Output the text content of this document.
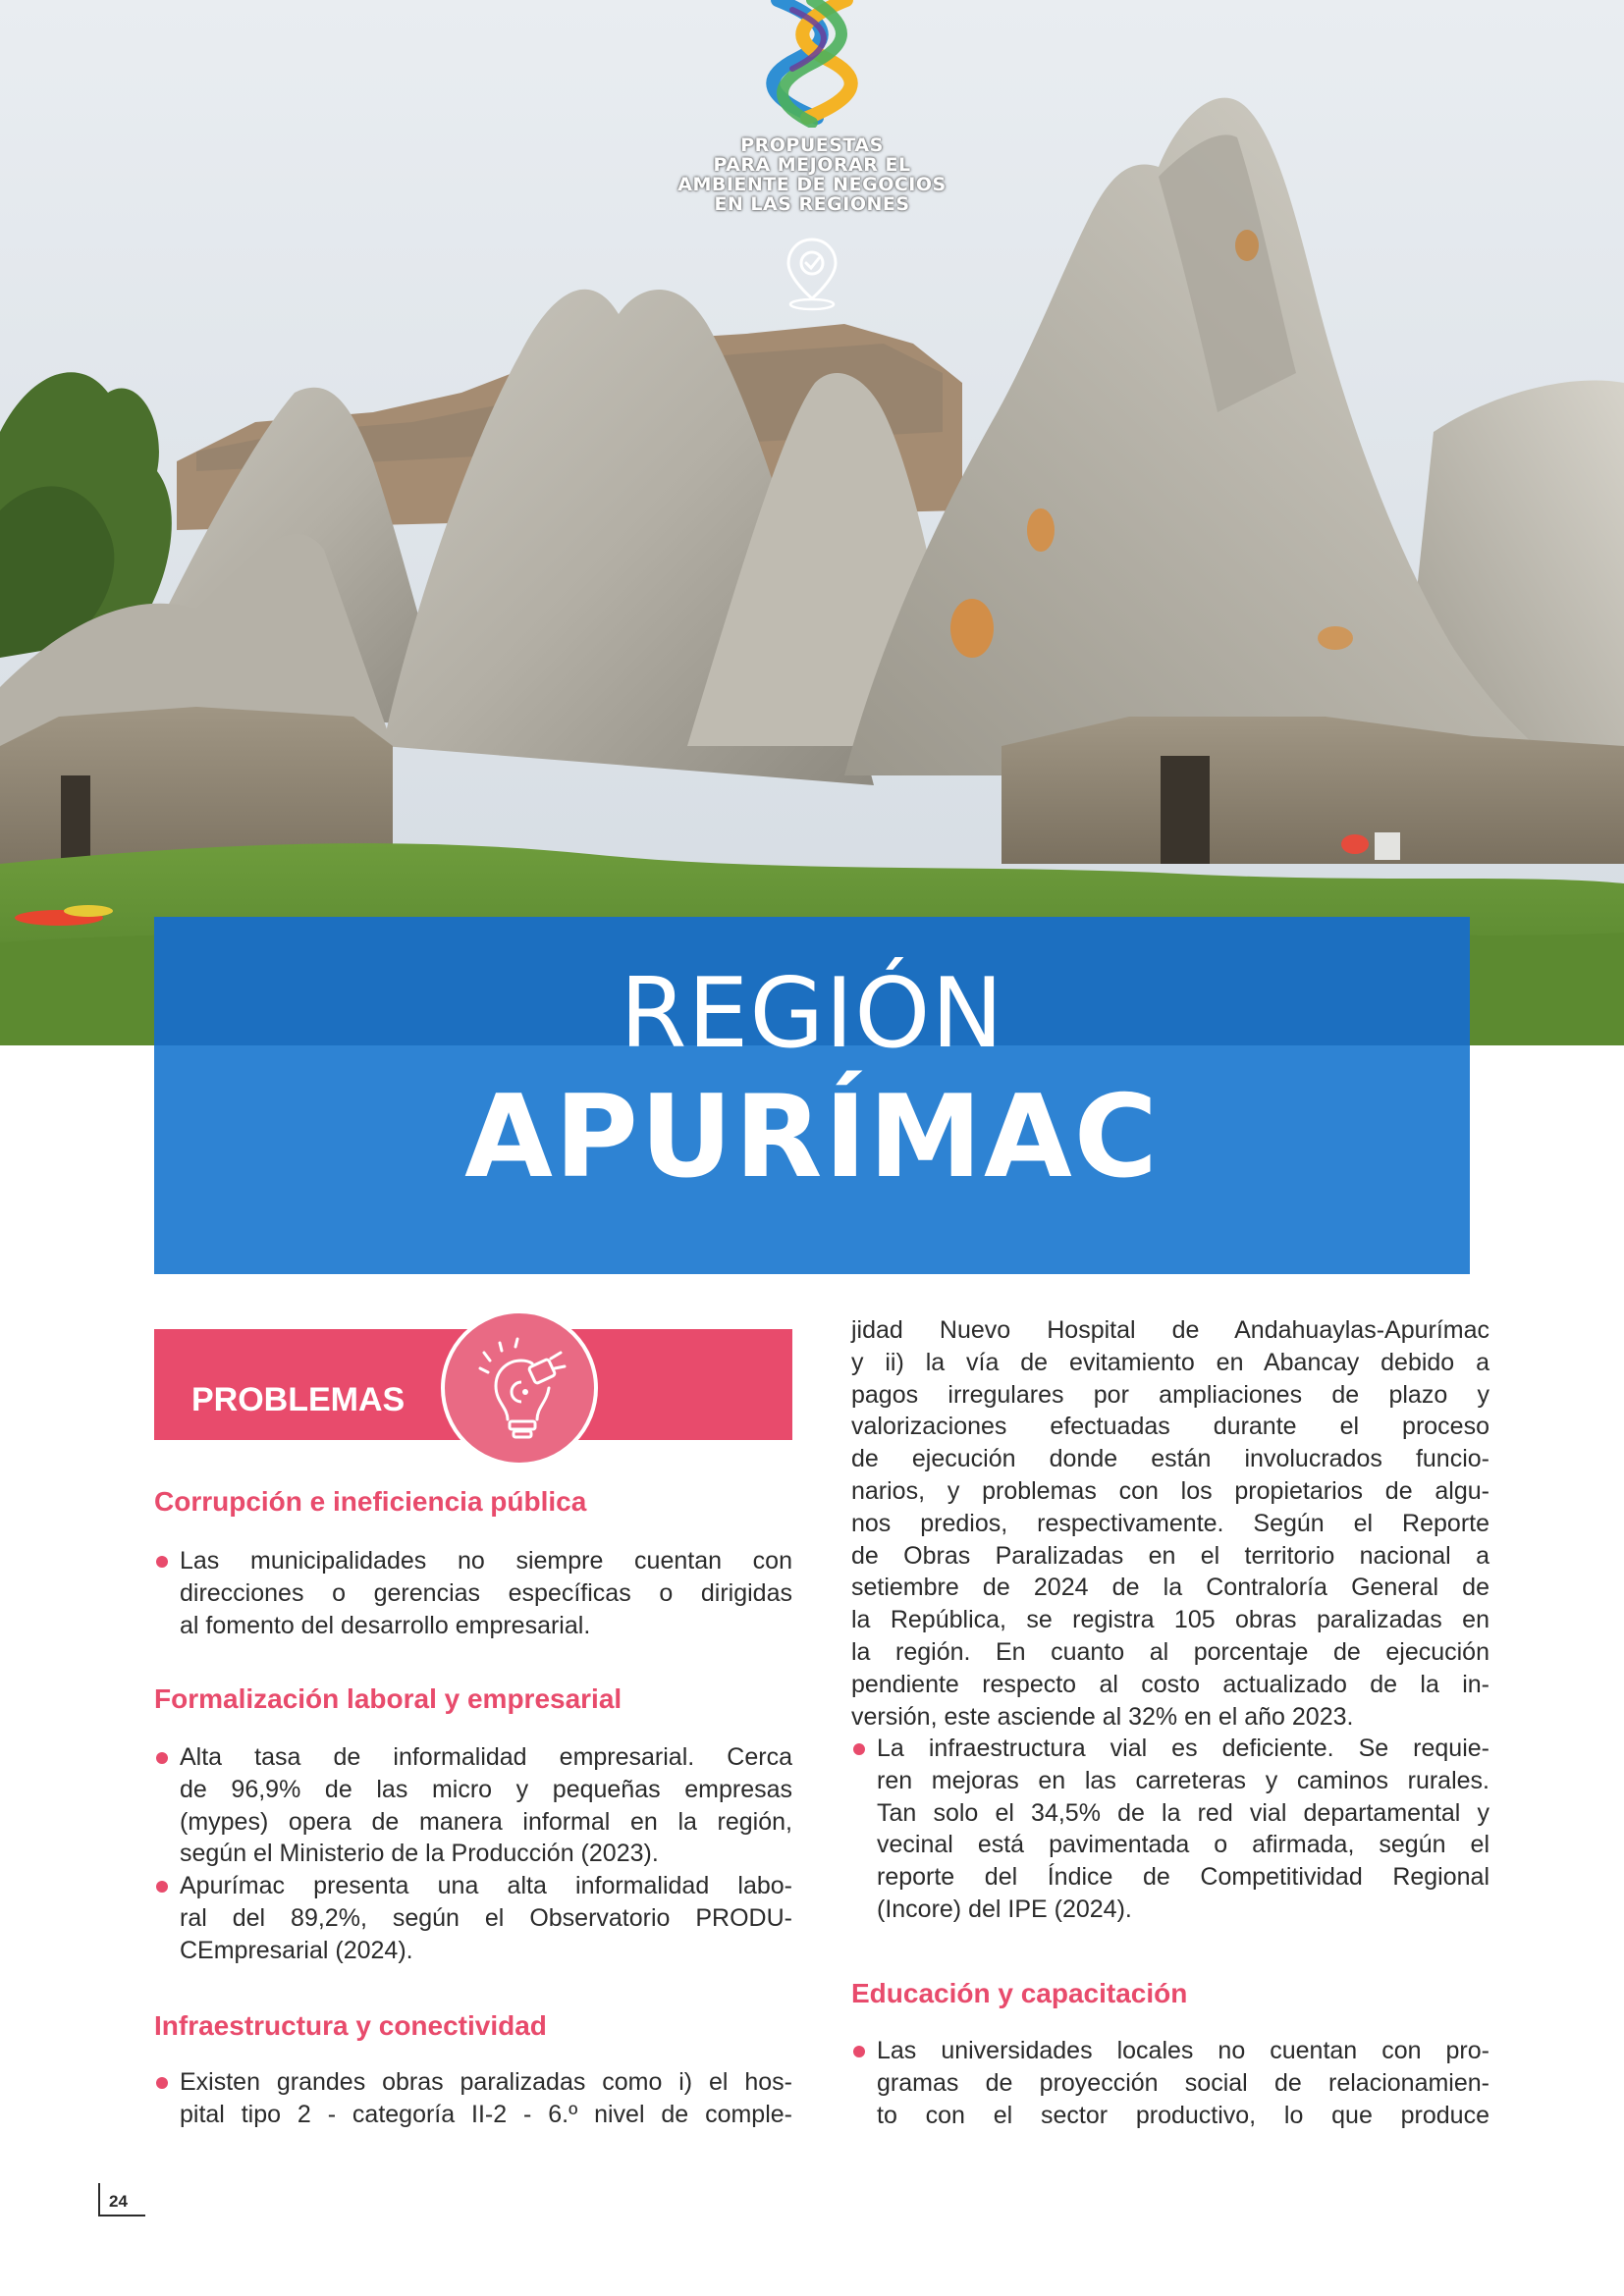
PROPUESTAS
PARA MEJORAR EL
AMBIENTE DE NEGOCIOS
EN LAS REGIONES
REGIÓN
APURÍMAC
PROBLEMAS
Corrupción e ineficiencia pública
Las municipalidades no siempre cuentan con
direcciones o gerencias específicas o dirigidas
al fomento del desarrollo empresarial.
Formalización laboral y empresarial
Alta tasa de informalidad empresarial. Cerca
de 96,9% de las micro y pequeñas empresas
(mypes) opera de manera informal en la región,
según el Ministerio de la Producción (2023).
Apurímac presenta una alta informalidad labo-
ral del 89,2%, según el Observatorio PRODU-
CEmpresarial (2024).
Infraestructura y conectividad
Existen grandes obras paralizadas como i) el hos-
pital tipo 2 - categoría II-2 - 6.º nivel de comple-
jidad Nuevo Hospital de Andahuaylas-Apurímac
y ii) la vía de evitamiento en Abancay debido a
pagos irregulares por ampliaciones de plazo y
valorizaciones efectuadas durante el proceso
de ejecución donde están involucrados funcio-
narios, y problemas con los propietarios de algu-
nos predios, respectivamente. Según el Reporte
de Obras Paralizadas en el territorio nacional a
setiembre de 2024 de la Contraloría General de
la República, se registra 105 obras paralizadas en
la región. En cuanto al porcentaje de ejecución
pendiente respecto al costo actualizado de la in-
versión, este asciende al 32% en el año 2023.
La infraestructura vial es deficiente. Se requie-
ren mejoras en las carreteras y caminos rurales.
Tan solo el 34,5% de la red vial departamental y
vecinal está pavimentada o afirmada, según el
reporte del Índice de Competitividad Regional
(Incore) del IPE (2024).
Educación y capacitación
Las universidades locales no cuentan con pro-
gramas de proyección social de relacionamien-
to con el sector productivo, lo que produce
24
